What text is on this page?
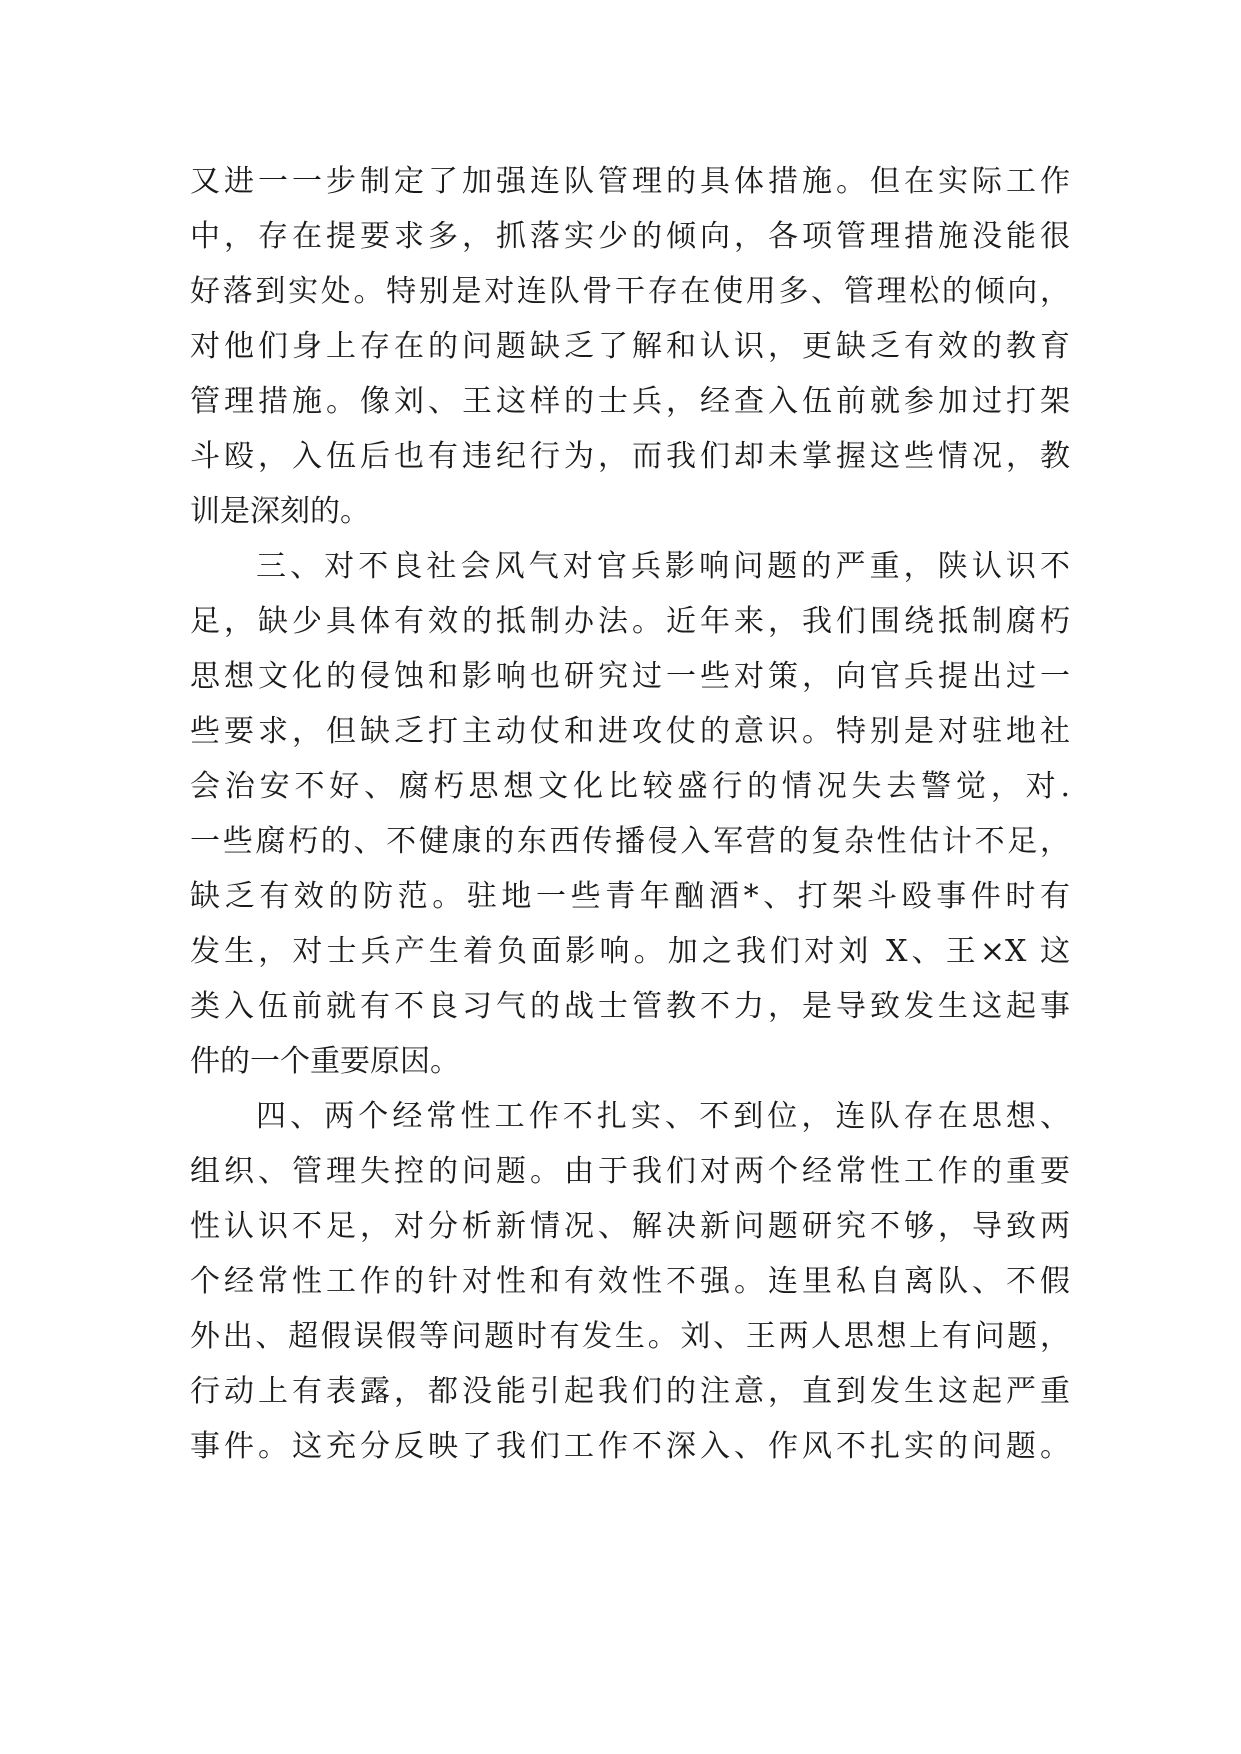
又进一一步制定了加强连队管理的具体措施。但在实际工作
中，存在提要求多，抓落实少的倾向，各项管理措施没能很
好落到实处。特别是对连队骨干存在使用多、管理松的倾向，
对他们身上存在的问题缺乏了解和认识，更缺乏有效的教育
管理措施。像刘、王这样的士兵，经查入伍前就参加过打架
斗殴，入伍后也有违纪行为，而我们却未掌握这些情况，教
训是深刻的。
三、对不良社会风气对官兵影响问题的严重，陕认识不
足，缺少具体有效的抵制办法。近年来，我们围绕抵制腐朽
思想文化的侵蚀和影响也研究过一些对策，向官兵提出过一
些要求，但缺乏打主动仗和进攻仗的意识。特别是对驻地社
会治安不好、腐朽思想文化比较盛行的情况失去警觉，对.
一些腐朽的、不健康的东西传播侵入军营的复杂性估计不足，
缺乏有效的防范。驻地一些青年酗酒*、打架斗殴事件时有
发生，对士兵产生着负面影响。加之我们对刘 X、王×X 这
类入伍前就有不良习气的战士管教不力，是导致发生这起事
件的一个重要原因。
四、两个经常性工作不扎实、不到位，连队存在思想、
组织、管理失控的问题。由于我们对两个经常性工作的重要
性认识不足，对分析新情况、解决新问题研究不够，导致两
个经常性工作的针对性和有效性不强。连里私自离队、不假
外出、超假误假等问题时有发生。刘、王两人思想上有问题，
行动上有表露，都没能引起我们的注意，直到发生这起严重
事件。这充分反映了我们工作不深入、作风不扎实的问题。
